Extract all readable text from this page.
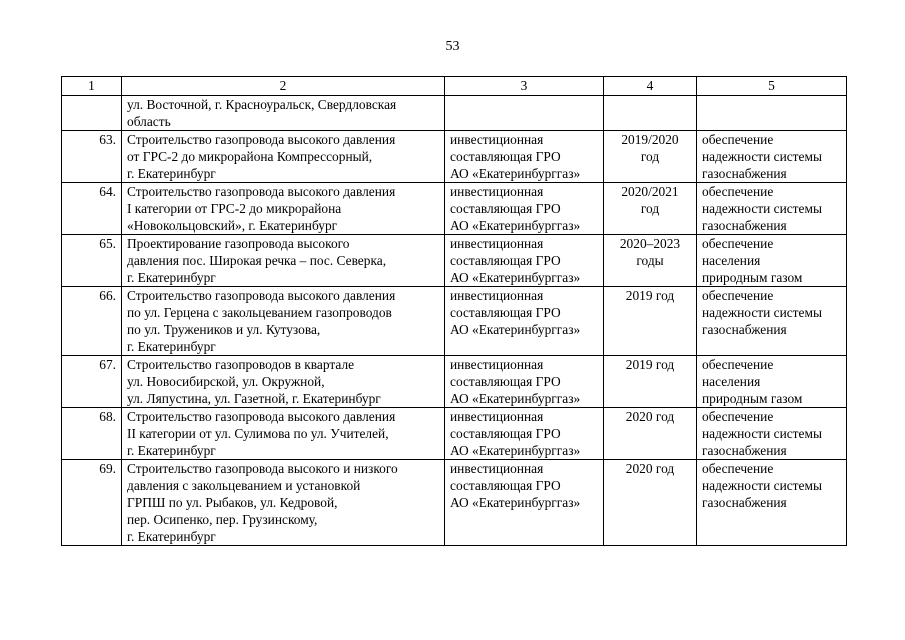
53
1	2	3	4	5
	ул. Восточной, г. Красноуральск, Свердловская область			
63.	Строительство газопровода высокого давления
от ГРС-2 до микрорайона Компрессорный,
г. Екатеринбург	инвестиционная
составляющая ГРО
АО «Екатеринбурггаз»	2019/2020
год	обеспечение
надежности системы
газоснабжения
64.	Строительство газопровода высокого давления
I категории от ГРС-2 до микрорайона
«Новокольцовский», г. Екатеринбург	инвестиционная
составляющая ГРО
АО «Екатеринбурггаз»	2020/2021
год	обеспечение
надежности системы
газоснабжения
65.	Проектирование газопровода высокого
давления пос. Широкая речка – пос. Северка,
г. Екатеринбург	инвестиционная
составляющая ГРО
АО «Екатеринбурггаз»	2020–2023
годы	обеспечение
населения
природным газом
66.	Строительство газопровода высокого давления
по ул. Герцена с закольцеванием газопроводов
по ул. Тружеников и ул. Кутузова,
г. Екатеринбург	инвестиционная
составляющая ГРО
АО «Екатеринбурггаз»	2019 год	обеспечение
надежности системы
газоснабжения
67.	Строительство газопроводов в квартале
ул. Новосибирской, ул. Окружной,
ул. Ляпустина, ул. Газетной, г. Екатеринбург	инвестиционная
составляющая ГРО
АО «Екатеринбурггаз»	2019 год	обеспечение
населения
природным газом
68.	Строительство газопровода высокого давления
II категории от ул. Сулимова по ул. Учителей,
г. Екатеринбург	инвестиционная
составляющая ГРО
АО «Екатеринбурггаз»	2020 год	обеспечение
надежности системы
газоснабжения
69.	Строительство газопровода высокого и низкого
давления с закольцеванием и установкой
ГРПШ по ул. Рыбаков, ул. Кедровой,
пер. Осипенко, пер. Грузинскому,
г. Екатеринбург	инвестиционная
составляющая ГРО
АО «Екатеринбурггаз»	2020 год	обеспечение
надежности системы
газоснабжения
